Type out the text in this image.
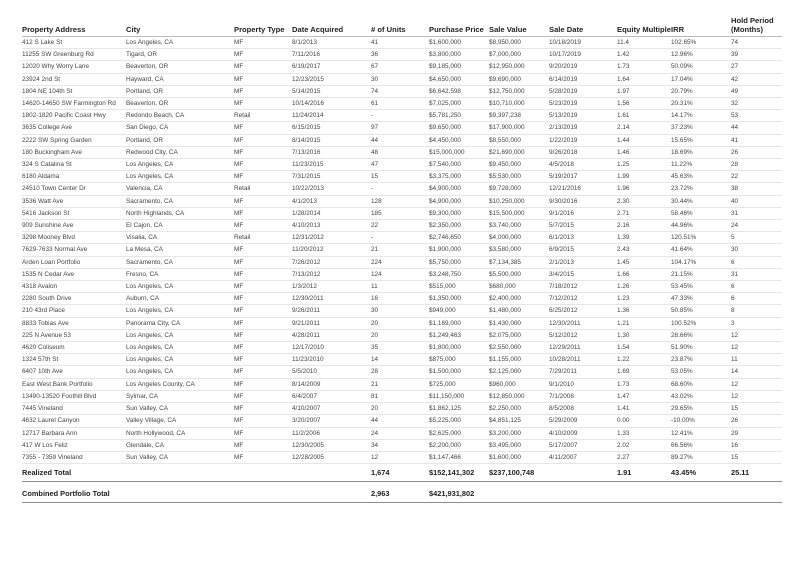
Property Address	City	Property Type	Date Acquired	# of Units	Purchase Price	Sale Value	Sale Date	Equity Multiple	IRR	Hold Period (Months)
412 S Lake St	Los Angeles, CA	MF	8/1/2013	41	$1,600,000	$8,950,000	10/18/2019	11.4	102.65%	74
11255 SW Greenburg Rd	Tigard, OR	MF	7/11/2016	36	$3,800,000	$7,000,000	10/17/2019	1.42	12.96%	39
12020 Why Worry Lane	Beaverton, OR	MF	6/19/2017	67	$9,185,000	$12,950,000	9/20/2019	1.73	50.09%	27
23924 2nd St	Hayward, CA	MF	12/23/2015	30	$4,650,000	$9,690,000	6/14/2019	1.64	17.04%	42
1804 NE 104th St	Portland, OR	MF	5/14/2015	74	$6,642,598	$12,750,000	5/28/2019	1.97	20.79%	49
14620-14650 SW Farmington Rd	Beaverton, OR	MF	10/14/2016	61	$7,025,000	$10,710,000	5/23/2019	1.56	20.31%	32
1802-1820 Pacific Coast Hwy	Redondo Beach, CA	Retail	11/24/2014	-	$5,781,250	$9,397,238	5/13/2019	1.61	14.17%	53
3635 College Ave	San Diego, CA	MF	6/15/2015	97	$9,650,000	$17,900,000	2/13/2019	2.14	37.23%	44
2222 SW Spring Garden	Portland, OR	MF	8/14/2015	44	$4,450,000	$8,550,000	1/22/2019	1.44	15.65%	41
180 Buckingham Ave	Redwood City, CA	MF	7/13/2016	48	$15,000,000	$21,690,000	9/26/2018	1.46	18.69%	26
324 S Catalina St	Los Angeles, CA	MF	11/23/2015	47	$7,540,000	$9,450,000	4/5/2018	1.25	11.22%	28
6180 Aldama	Los Angeles, CA	MF	7/31/2015	15	$3,375,000	$5,530,000	5/19/2017	1.99	45.63%	22
24510 Town Center Dr	Valencia, CA	Retail	10/22/2013	-	$4,900,000	$9,728,000	12/21/2016	1.96	23.72%	38
3536 Watt Ave	Sacramento, CA	MF	4/1/2013	128	$4,900,000	$10,250,000	9/30/2016	2.30	30.44%	40
5416 Jackson St	North Highlands, CA	MF	1/28/2014	185	$9,300,000	$15,500,000	9/1/2016	2.71	58.46%	31
909 Sunshine Ave	El Cajon, CA	MF	4/10/2013	22	$2,350,000	$3,740,000	5/7/2015	2.16	44.96%	24
3298 Mooney Blvd	Visalia, CA	Retail	12/31/2012	-	$2,746,650	$4,000,000	6/1/2013	1.39	120.51%	5
7629-7633 Normal Ave	La Mesa, CA	MF	11/20/2012	21	$1,900,000	$3,580,000	6/9/2015	2.43	41.64%	30
Arden Loan Portfolio	Sacramento, CA	MF	7/26/2012	224	$5,750,000	$7,134,385	2/1/2013	1.45	104.17%	6
1535 N Cedar Ave	Fresno, CA	MF	7/13/2012	124	$3,248,750	$5,500,000	3/4/2015	1.66	21.15%	31
4318 Avalon	Los Angeles, CA	MF	1/3/2012	11	$515,000	$680,000	7/18/2012	1.26	53.45%	6
2280 South Drive	Auburn, CA	MF	12/30/2011	16	$1,350,000	$2,400,000	7/12/2012	1.23	47.33%	6
210 43rd Place	Los Angeles, CA	MF	9/26/2011	30	$949,000	$1,480,000	6/25/2012	1.36	50.85%	8
8833 Tobias Ave	Panorama City, CA	MF	9/21/2011	20	$1,169,000	$1,430,000	12/30/2011	1.21	100.52%	3
225 N Avenue 53	Los Angeles, CA	MF	4/28/2011	20	$1,249,463	$2,075,000	5/12/2012	1.30	28.66%	12
4620 Coliseum	Los Angeles, CA	MF	12/17/2010	35	$1,800,000	$2,550,000	12/29/2011	1.54	51.90%	12
1324 57th St	Los Angeles, CA	MF	11/23/2010	14	$875,000	$1,155,000	10/28/2011	1.22	23.87%	11
6407 10th Ave	Los Angeles, CA	MF	5/5/2010	28	$1,500,000	$2,125,000	7/29/2011	1.69	53.05%	14
East West Bank Portfolio	Los Angeles County, CA	MF	8/14/2009	21	$725,000	$960,000	9/1/2010	1.73	68.60%	12
13490-13520 Foothill Blvd	Sylmar, CA	MF	6/4/2007	81	$11,150,000	$12,850,000	7/1/2008	1.47	43.02%	12
7445 Vineland	Sun Valley, CA	MF	4/10/2007	20	$1,862,125	$2,250,000	8/5/2008	1.41	29.65%	15
4632 Laurel Canyon	Valley Village, CA	MF	3/20/2007	44	$5,225,000	$4,851,125	5/29/2009	0.00	-10.00%	26
12717 Barbara Ann	North Hollywood, CA	MF	11/2/2006	24	$2,625,000	$3,200,000	4/10/2009	1.33	12.41%	29
417 W Los Feliz	Glendale, CA	MF	12/30/2005	34	$2,200,000	$3,495,000	5/17/2007	2.02	66.56%	16
7355 - 7359 Vineland	Sun Valley, CA	MF	12/28/2005	12	$1,147,466	$1,600,000	4/11/2007	2.27	89.27%	15
Realized Total				1,674	$152,141,302	$237,100,748		1.91	43.45%	25.11

Combined Portfolio Total				2,963	$421,931,802					
